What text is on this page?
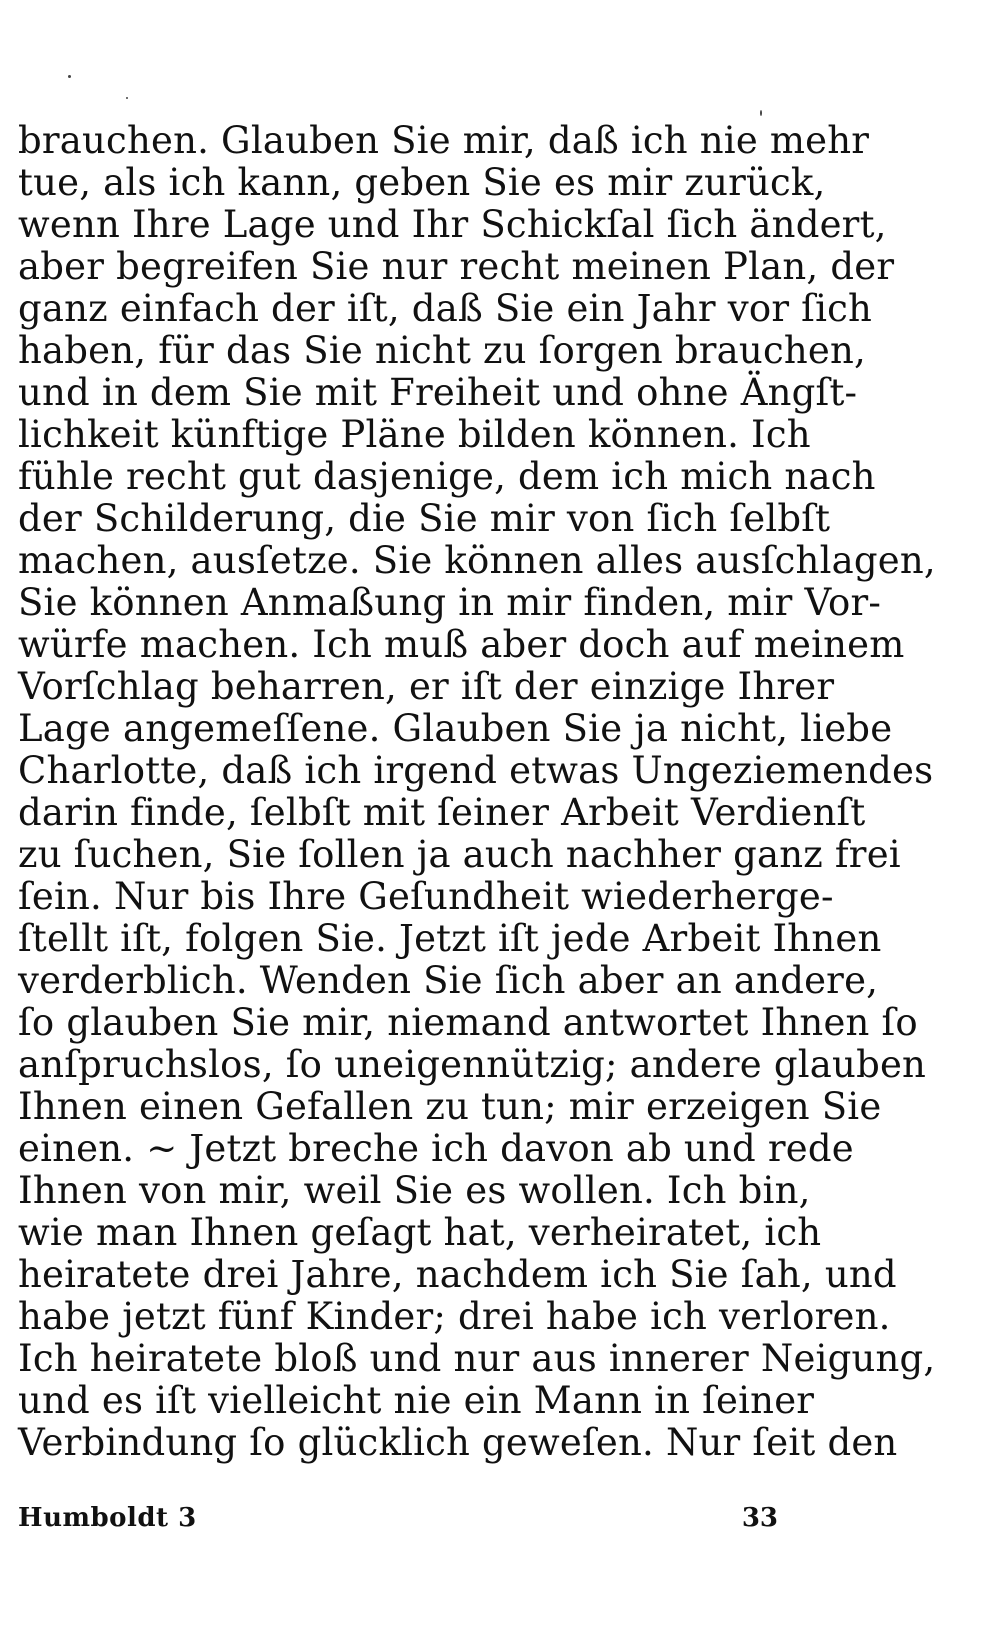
brauchen. Glauben Sie mir, daß ich nie mehr
tue, als ich kann, geben Sie es mir zurück,
wenn Ihre Lage und Ihr Schickſal ſich ändert,
aber begreifen Sie nur recht meinen Plan, der
ganz einfach der iſt, daß Sie ein Jahr vor ſich
haben, für das Sie nicht zu ſorgen brauchen,
und in dem Sie mit Freiheit und ohne Ängſt-
lichkeit künftige Pläne bilden können. Ich
fühle recht gut dasjenige, dem ich mich nach
der Schilderung, die Sie mir von ſich ſelbſt
machen, ausſetze. Sie können alles ausſchlagen,
Sie können Anmaßung in mir finden, mir Vor-
würfe machen. Ich muß aber doch auf meinem
Vorſchlag beharren, er iſt der einzige Ihrer
Lage angemeſſene. Glauben Sie ja nicht, liebe
Charlotte, daß ich irgend etwas Ungeziemendes
darin finde, ſelbſt mit ſeiner Arbeit Verdienſt
zu ſuchen, Sie ſollen ja auch nachher ganz frei
ſein. Nur bis Ihre Geſundheit wiederherge-
ſtellt iſt, folgen Sie. Jetzt iſt jede Arbeit Ihnen
verderblich. Wenden Sie ſich aber an andere,
ſo glauben Sie mir, niemand antwortet Ihnen ſo
anſpruchslos, ſo uneigennützig; andere glauben
Ihnen einen Gefallen zu tun; mir erzeigen Sie
einen. ~ Jetzt breche ich davon ab und rede
Ihnen von mir, weil Sie es wollen. Ich bin,
wie man Ihnen geſagt hat, verheiratet, ich
heiratete drei Jahre, nachdem ich Sie ſah, und
habe jetzt fünf Kinder; drei habe ich verloren.
Ich heiratete bloß und nur aus innerer Neigung,
und es iſt vielleicht nie ein Mann in ſeiner
Verbindung ſo glücklich geweſen. Nur ſeit den
Humboldt 3	33
